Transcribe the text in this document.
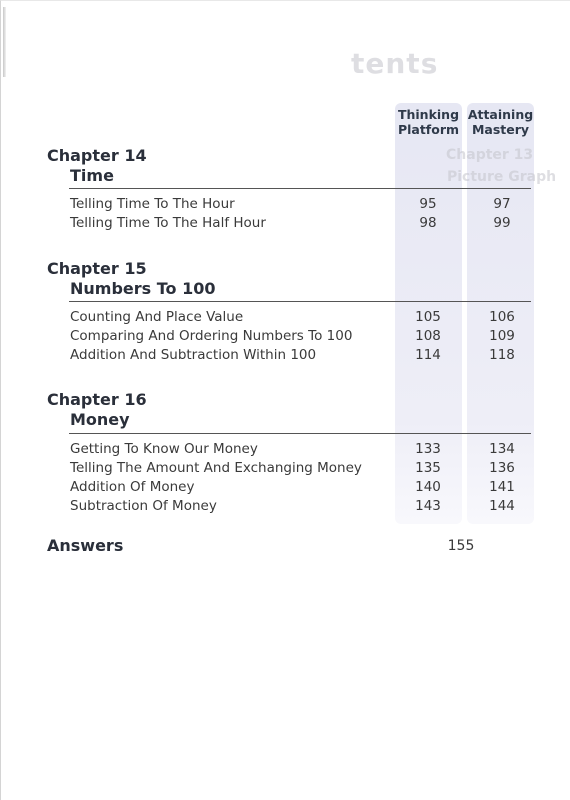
tents
Chapter 13
Picture Graph
Thinking
Platform
Attaining
Mastery
Chapter 14
Time
Telling Time To The Hour	95	97
Telling Time To The Half Hour	98	99
Chapter 15
Numbers To 100
Counting And Place Value	105	106
Comparing And Ordering Numbers To 100	108	109
Addition And Subtraction Within 100	114	118
Chapter 16
Money
Getting To Know Our Money	133	134
Telling The Amount And Exchanging Money	135	136
Addition Of Money	140	141
Subtraction Of Money	143	144
Answers	155
